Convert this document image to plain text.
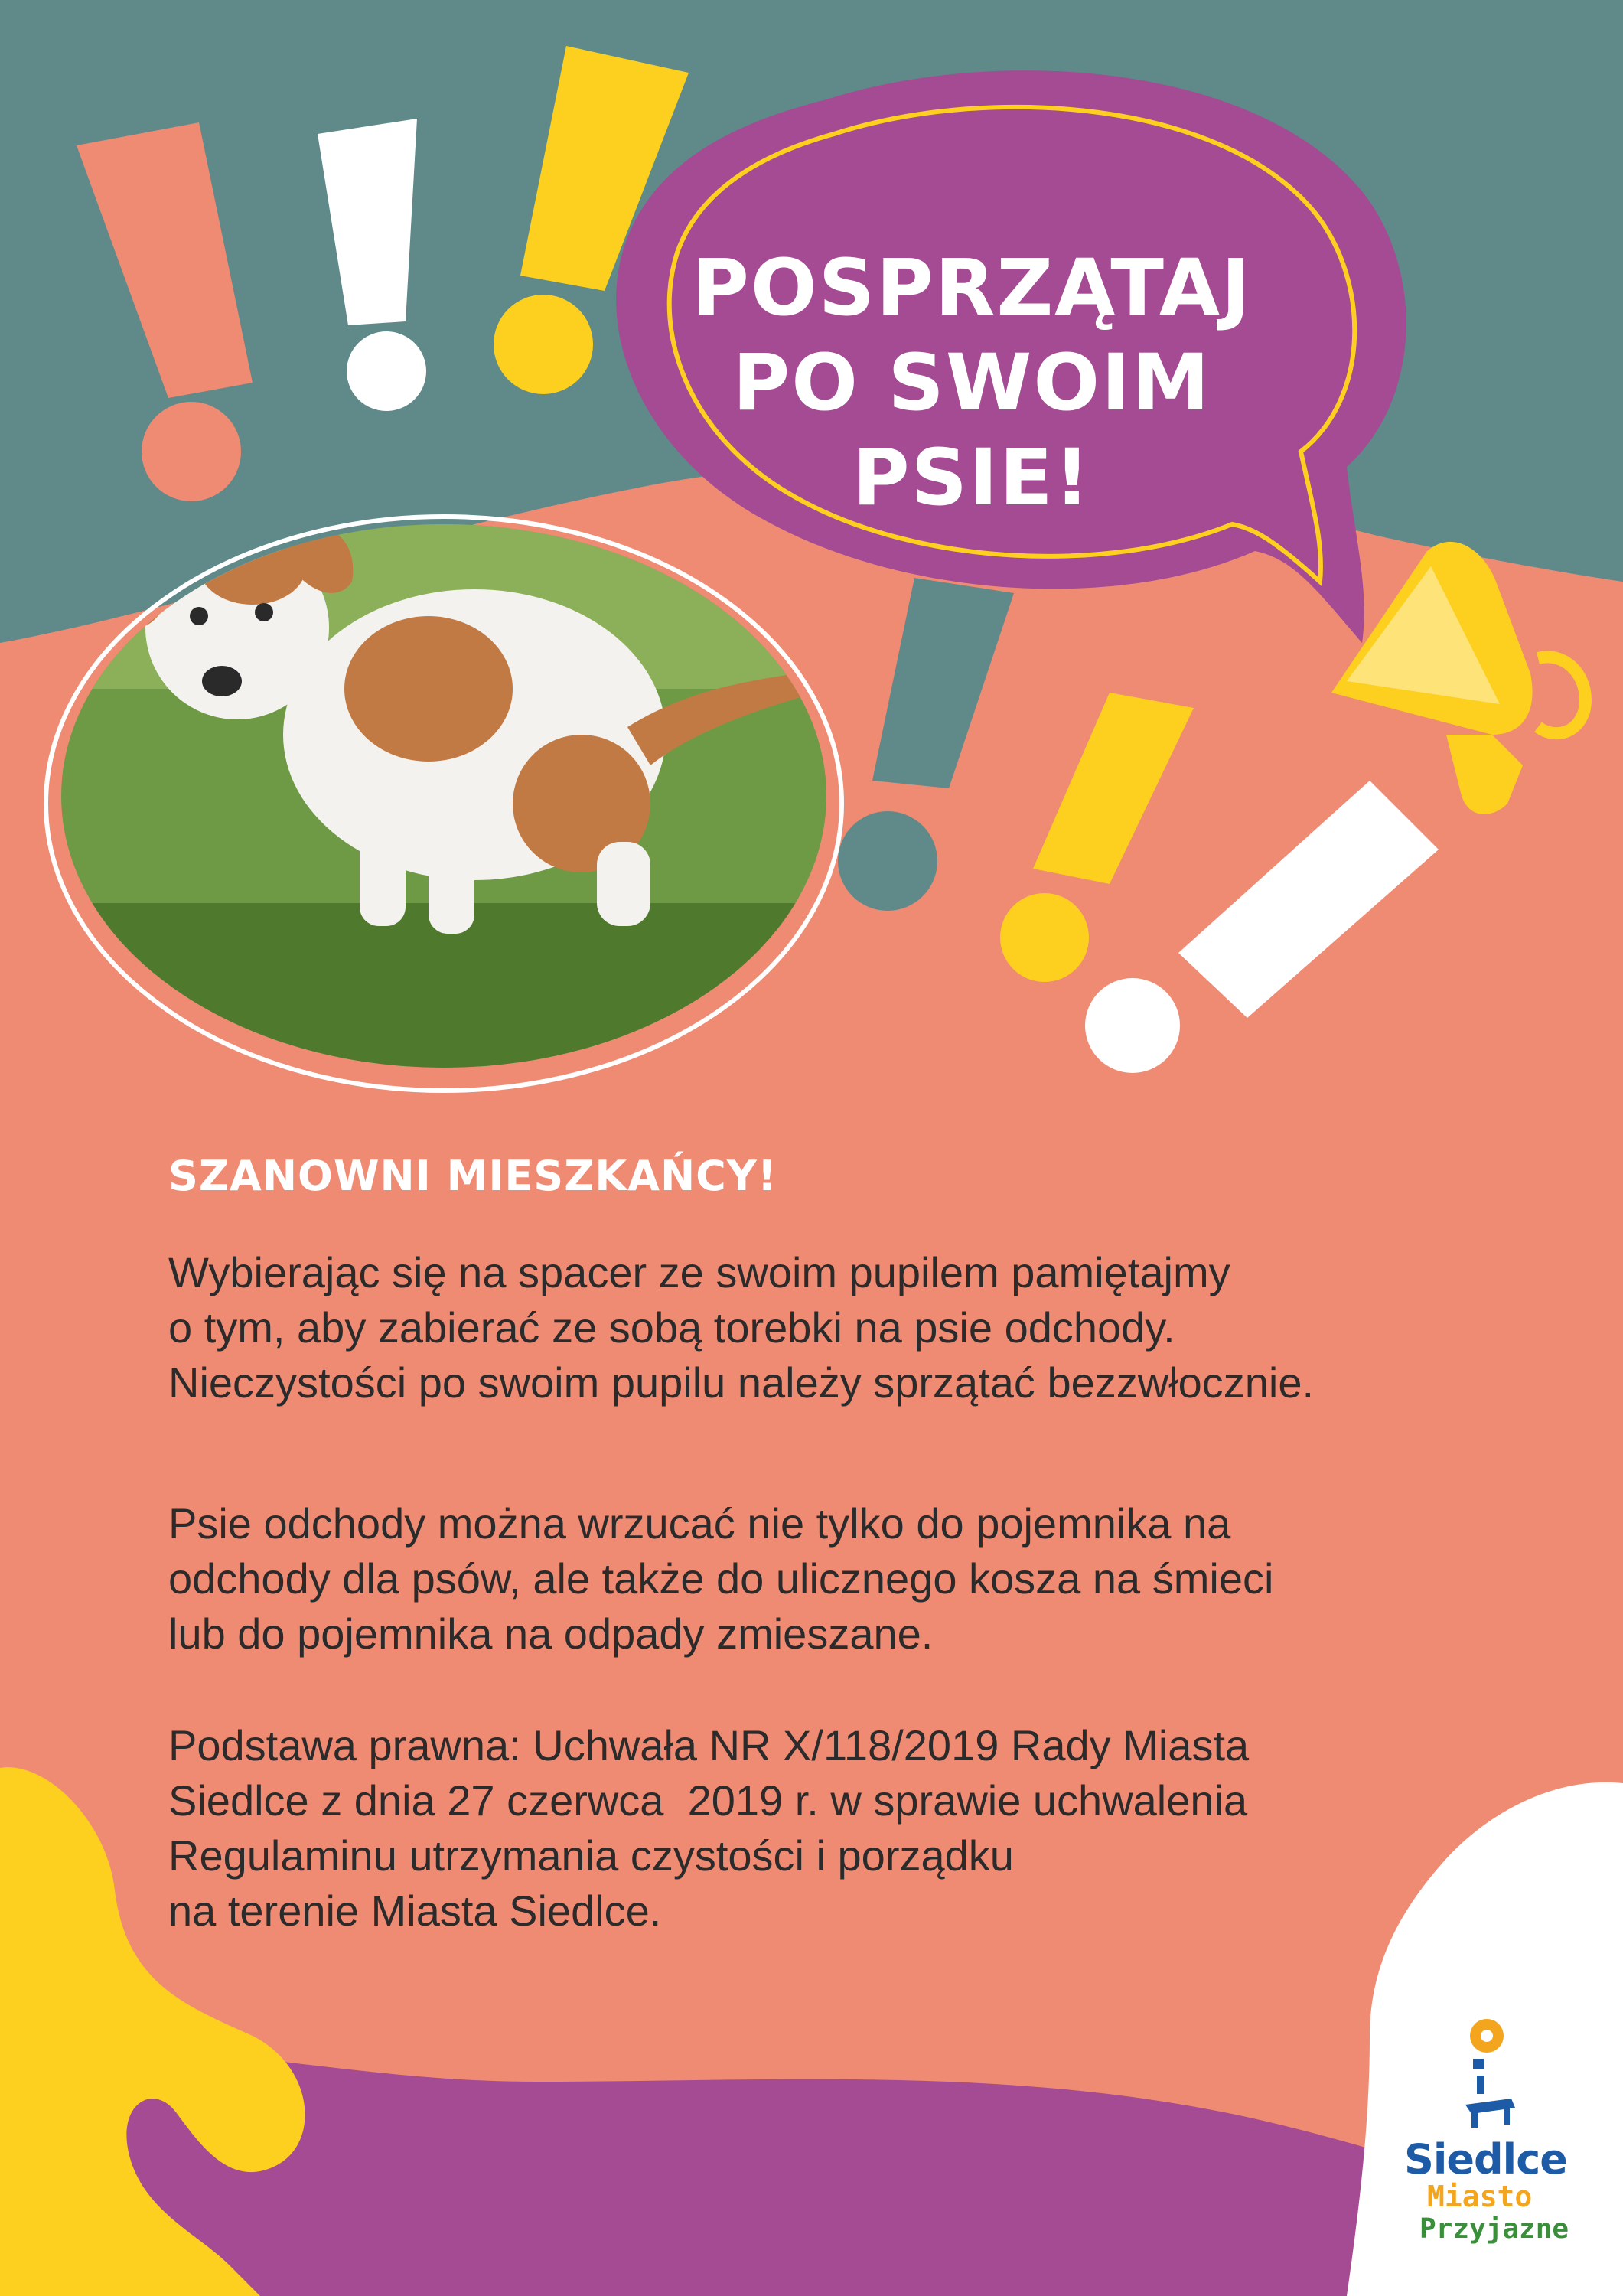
POSPRZĄTAJ
PO SWOIM
PSIE!
SZANOWNI MIESZKAŃCY!
Wybierając się na spacer ze swoim pupilem pamiętajmy
o tym, aby zabierać ze sobą torebki na psie odchody.
Nieczystości po swoim pupilu należy sprzątać bezzwłocznie.
Psie odchody można wrzucać nie tylko do pojemnika na
odchody dla psów, ale także do ulicznego kosza na śmieci
lub do pojemnika na odpady zmieszane.
Podstawa prawna: Uchwała NR X/118/2019 Rady Miasta
Siedlce z dnia 27 czerwca  2019 r. w sprawie uchwalenia
Regulaminu utrzymania czystości i porządku
na terenie Miasta Siedlce.
Siedlce
Miasto
Przyjazne
